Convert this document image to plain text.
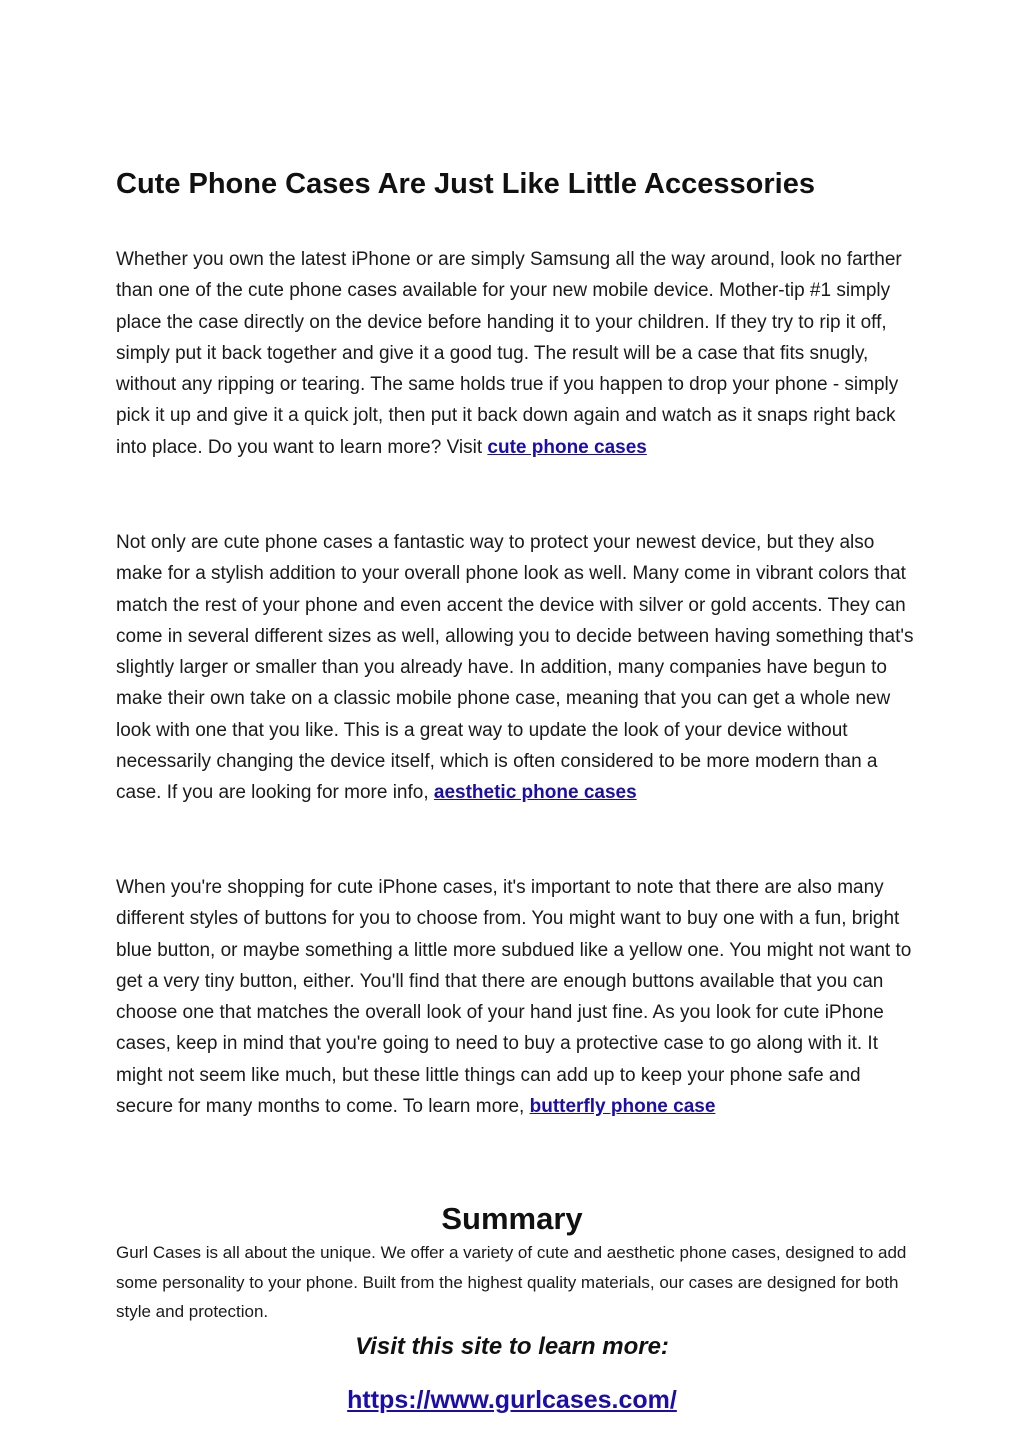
Cute Phone Cases Are Just Like Little Accessories

Whether you own the latest iPhone or are simply Samsung all the way around, look no farther than one of the cute phone cases available for your new mobile device. Mother-tip #1 simply place the case directly on the device before handing it to your children. If they try to rip it off, simply put it back together and give it a good tug. The result will be a case that fits snugly, without any ripping or tearing. The same holds true if you happen to drop your phone - simply pick it up and give it a quick jolt, then put it back down again and watch as it snaps right back into place. Do you want to learn more? Visit cute phone cases

Not only are cute phone cases a fantastic way to protect your newest device, but they also make for a stylish addition to your overall phone look as well. Many come in vibrant colors that match the rest of your phone and even accent the device with silver or gold accents. They can come in several different sizes as well, allowing you to decide between having something that's slightly larger or smaller than you already have. In addition, many companies have begun to make their own take on a classic mobile phone case, meaning that you can get a whole new look with one that you like. This is a great way to update the look of your device without necessarily changing the device itself, which is often considered to be more modern than a case. If you are looking for more info, aesthetic phone cases

When you're shopping for cute iPhone cases, it's important to note that there are also many different styles of buttons for you to choose from. You might want to buy one with a fun, bright blue button, or maybe something a little more subdued like a yellow one. You might not want to get a very tiny button, either. You'll find that there are enough buttons available that you can choose one that matches the overall look of your hand just fine. As you look for cute iPhone cases, keep in mind that you're going to need to buy a protective case to go along with it. It might not seem like much, but these little things can add up to keep your phone safe and secure for many months to come. To learn more, butterfly phone case

Summary

Gurl Cases is all about the unique. We offer a variety of cute and aesthetic phone cases, designed to add some personality to your phone. Built from the highest quality materials, our cases are designed for both style and protection.

Visit this site to learn more:

https://www.gurlcases.com/
